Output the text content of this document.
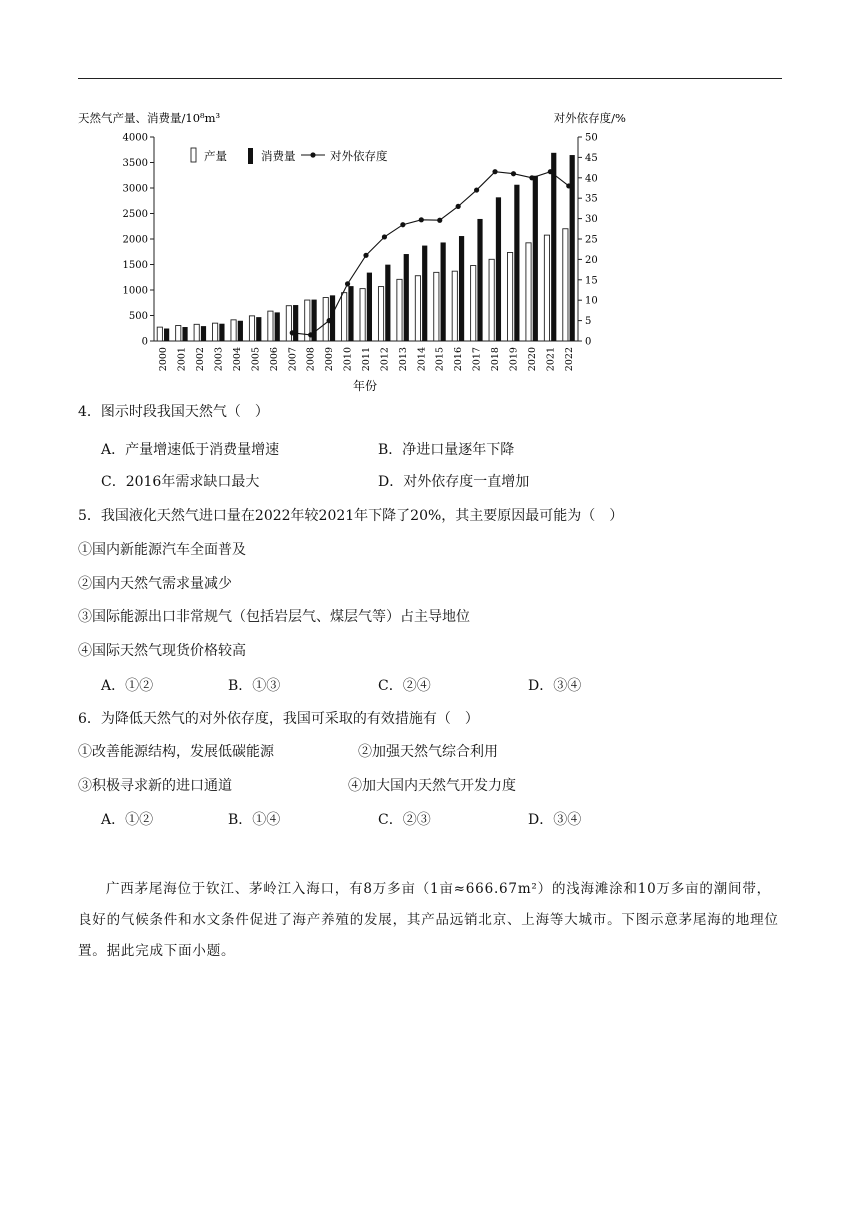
天然气产量、消费量/10⁸m³	对外依存度/%
年份
0
500
1000
1500
2000
2500
3000
3500
4000
0
5
10
15
20
25
30
35
40
45
50
2000 2001 2002 2003 2004 2005 2006 2007 2008 2009 2010 2011 2012 2013 2014 2015 2016 2017 2018 2019 2020 2021 2022
产量	消费量	对外依存度
4．图示时段我国天然气（　）
A．产量增速低于消费量增速	B．净进口量逐年下降
C．2016年需求缺口最大	D．对外依存度一直增加
5．我国液化天然气进口量在2022年较2021年下降了20%，其主要原因最可能为（　）
①国内新能源汽车全面普及
②国内天然气需求量减少
③国际能源出口非常规气（包括岩层气、煤层气等）占主导地位
④国际天然气现货价格较高
A．①②	B．①③	C．②④	D．③④
6．为降低天然气的对外依存度，我国可采取的有效措施有（　）
①改善能源结构，发展低碳能源	②加强天然气综合利用
③积极寻求新的进口通道	④加大国内天然气开发力度
A．①②	B．①④	C．②③	D．③④
广西茅尾海位于钦江、茅岭江入海口，有8万多亩（1亩≈666.67m²）的浅海滩涂和10万多亩的潮间带，良好的气候条件和水文条件促进了海产养殖的发展，其产品远销北京、上海等大城市。下图示意茅尾海的地理位置。据此完成下面小题。
